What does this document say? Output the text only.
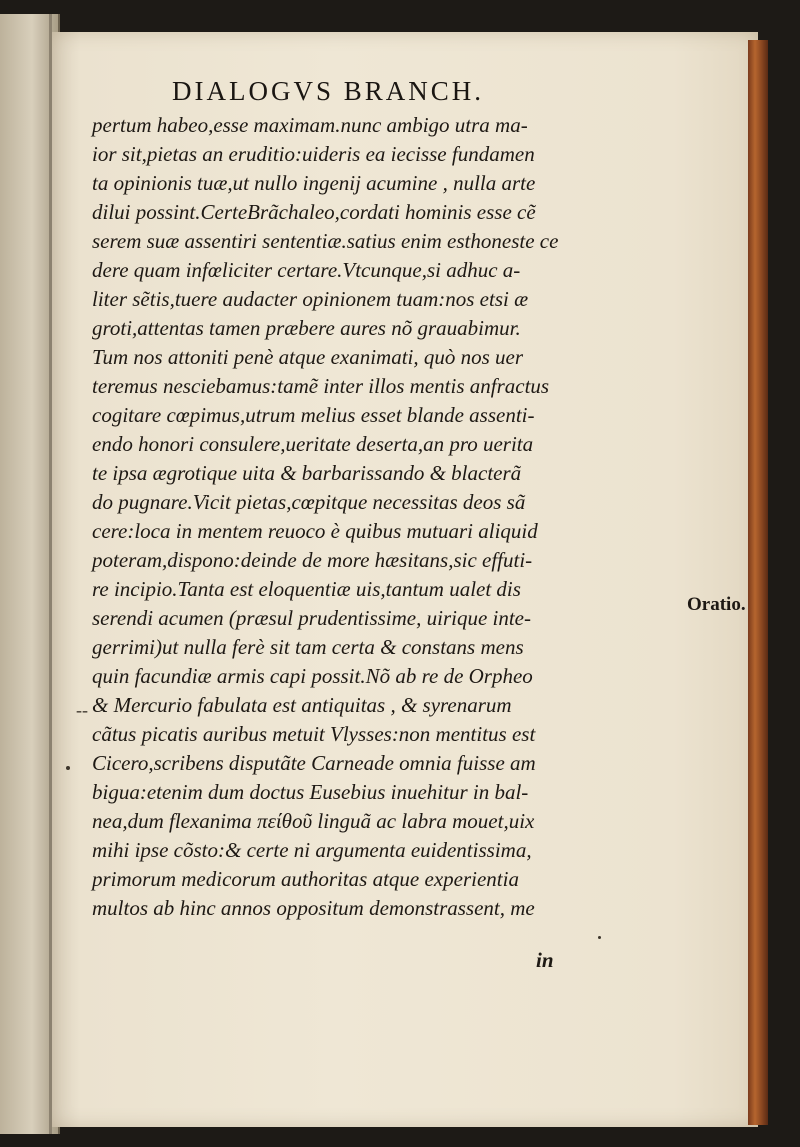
DIALOGVS BRANCH.
pertum habeo,esse maximam.nunc ambigo utra ma-
ior sit,pietas an eruditio:uideris ea iecisse fundamen
ta opinionis tuæ,ut nullo ingenij acumine , nulla arte
dilui possint.CerteBrãchaleo,cordati hominis esse cẽ
serem suæ assentiri sententiæ.satius enim esthoneste ce
dere quam infœliciter certare.Vtcunque,si adhuc a-
liter sẽtis,tuere audacter opinionem tuam:nos etsi æ
groti,attentas tamen præbere aures nõ grauabimur.
Tum nos attoniti penè atque exanimati, quò nos uer
teremus nesciebamus:tamẽ inter illos mentis anfractus
cogitare cœpimus,utrum melius esset blande assenti-
endo honori consulere,ueritate deserta,an pro uerita
te ipsa ægrotique uita & barbarissando & blacterã
do pugnare.Vicit pietas,cœpitque necessitas deos sã
cere:loca in mentem reuoco è quibus mutuari aliquid
poteram,dispono:deinde de more hæsitans,sic effuti-
re incipio.Tanta est eloquentiæ uis,tantum ualet dis
serendi acumen (præsul prudentissime, uirique inte-
gerrimi)ut nulla ferè sit tam certa & constans mens
quin facundiæ armis capi possit.Nõ ab re de Orpheo
& Mercurio fabulata est antiquitas , & syrenarum
cãtus picatis auribus metuit Vlysses:non mentitus est
Cicero,scribens disputãte Carneade omnia fuisse am
bigua:etenim dum doctus Eusebius inuehitur in bal-
nea,dum flexanima πείθοῦ linguã ac labra mouet,uix
mihi ipse cõsto:& certe ni argumenta euidentissima,
primorum medicorum authoritas atque experientia
multos ab hinc annos oppositum demonstrassent, me
in
Oratio.
--
